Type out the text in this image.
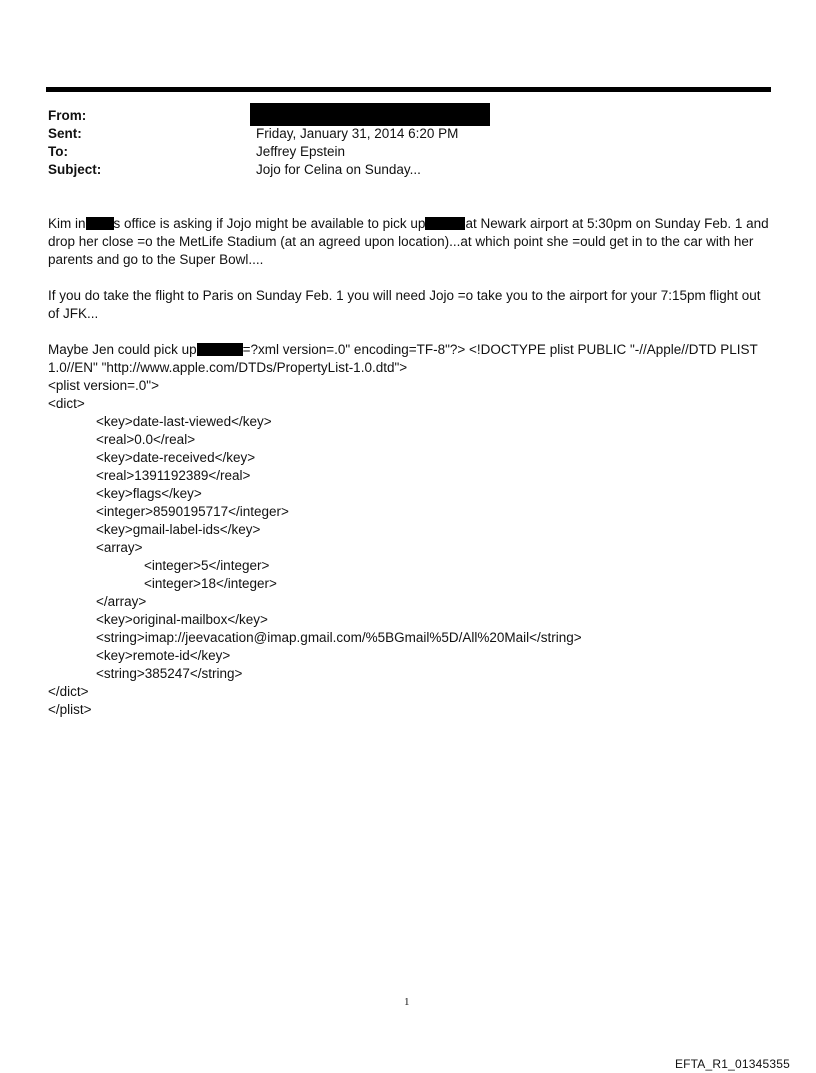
From:
Sent:	Friday, January 31, 2014 6:20 PM
To:	Jeffrey Epstein
Subject:	Jojo for Celina on Sunday...
Kim in s office is asking if Jojo might be available to pick up	at Newark airport at 5:30pm on Sunday Feb. 1 and drop her close =o the MetLife Stadium (at an agreed upon location)...at which point she =ould get in to the car with her parents and go to the Super Bowl....
If you do take the flight to Paris on Sunday Feb. 1 you will need Jojo =o take you to the airport for your 7:15pm flight out of JFK...
Maybe Jen could pick up	=?xml version=.0" encoding=TF-8"?> <!DOCTYPE plist PUBLIC "-//Apple//DTD PLIST 1.0//EN" "http://www.apple.com/DTDs/PropertyList-1.0.dtd">
<plist version=.0">
<dict>
<key>date-last-viewed</key>
<real>0.0</real>
<key>date-received</key>
<real>1391192389</real>
<key>flags</key>
<integer>8590195717</integer>
<key>gmail-label-ids</key>
<array>
<integer>5</integer>
<integer>18</integer>
</array>
<key>original-mailbox</key>
<string>imap://jeevacation@imap.gmail.com/%5BGmail%5D/All%20Mail</string>
<key>remote-id</key>
<string>385247</string>
</dict>
</plist>
1
EFTA_R1_01345355
